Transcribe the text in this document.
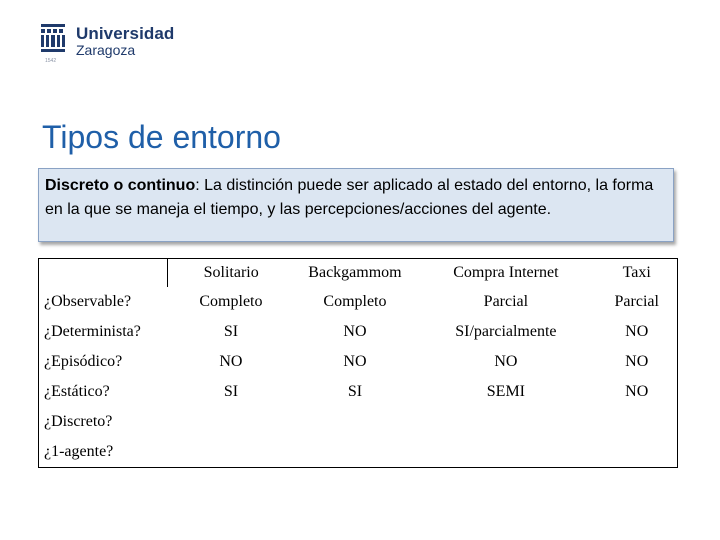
Universidad
Zaragoza
1542
Tipos de entorno
Discreto o continuo: La distinción puede ser aplicado al estado del entorno, la forma en la que se maneja el tiempo, y las percepciones/acciones del agente.
	Solitario	Backgammom	Compra Internet	Taxi
¿Observable?	Completo	Completo	Parcial	Parcial
¿Determinista?	SI	NO	SI/parcialmente	NO
¿Episódico?	NO	NO	NO	NO
¿Estático?	SI	SI	SEMI	NO
¿Discreto?				
¿1-agente?				
